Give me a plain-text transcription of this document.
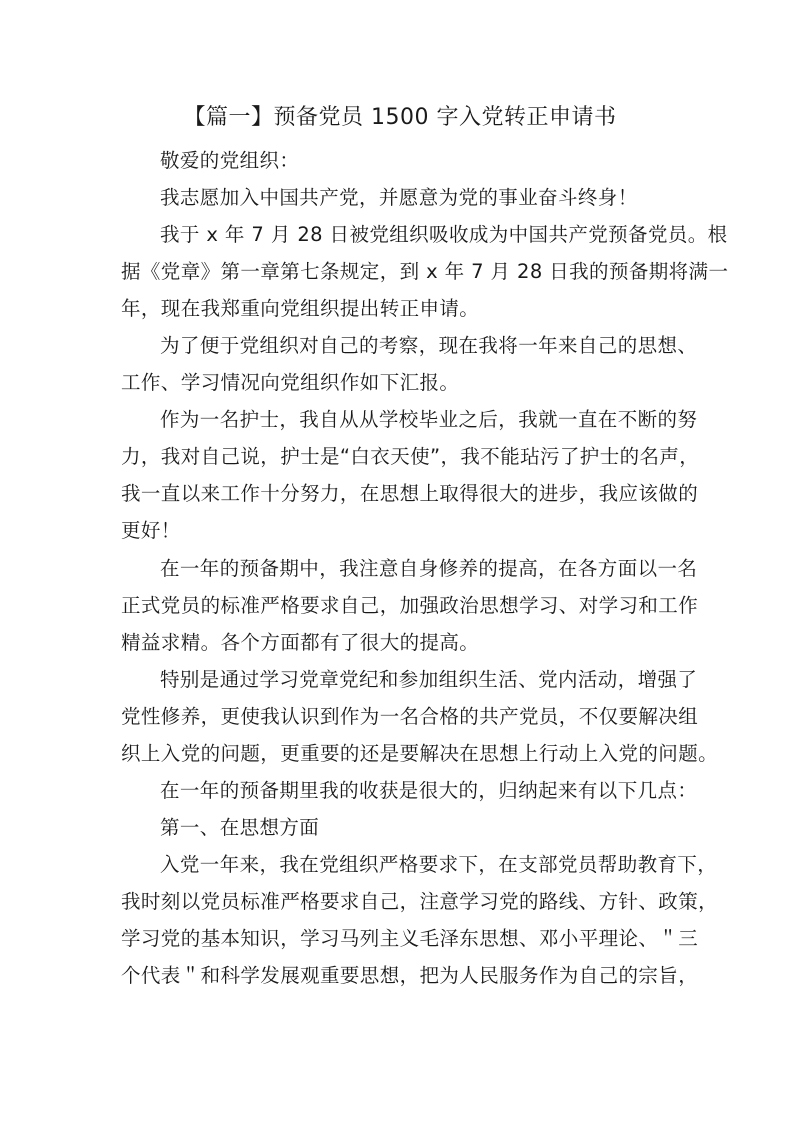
【篇一】预备党员 1500 字入党转正申请书
敬爱的党组织：
我志愿加入中国共产党，并愿意为党的事业奋斗终身！
我于 x 年 7 月 28 日被党组织吸收成为中国共产党预备党员。根
据《党章》第一章第七条规定，到 x 年 7 月 28 日我的预备期将满一
年，现在我郑重向党组织提出转正申请。
为了便于党组织对自己的考察，现在我将一年来自己的思想、
工作、学习情况向党组织作如下汇报。
作为一名护士，我自从从学校毕业之后，我就一直在不断的努
力，我对自己说，护士是“白衣天使”，我不能玷污了护士的名声，
我一直以来工作十分努力，在思想上取得很大的进步，我应该做的
更好！
在一年的预备期中，我注意自身修养的提高，在各方面以一名
正式党员的标准严格要求自己，加强政治思想学习、对学习和工作
精益求精。各个方面都有了很大的提高。
特别是通过学习党章党纪和参加组织生活、党内活动，增强了
党性修养，更使我认识到作为一名合格的共产党员，不仅要解决组
织上入党的问题，更重要的还是要解决在思想上行动上入党的问题。
在一年的预备期里我的收获是很大的，归纳起来有以下几点：
第一、在思想方面
入党一年来，我在党组织严格要求下，在支部党员帮助教育下，
我时刻以党员标准严格要求自己，注意学习党的路线、方针、政策，
学习党的基本知识，学习马列主义毛泽东思想、邓小平理论、＂三
个代表＂和科学发展观重要思想，把为人民服务作为自己的宗旨，
